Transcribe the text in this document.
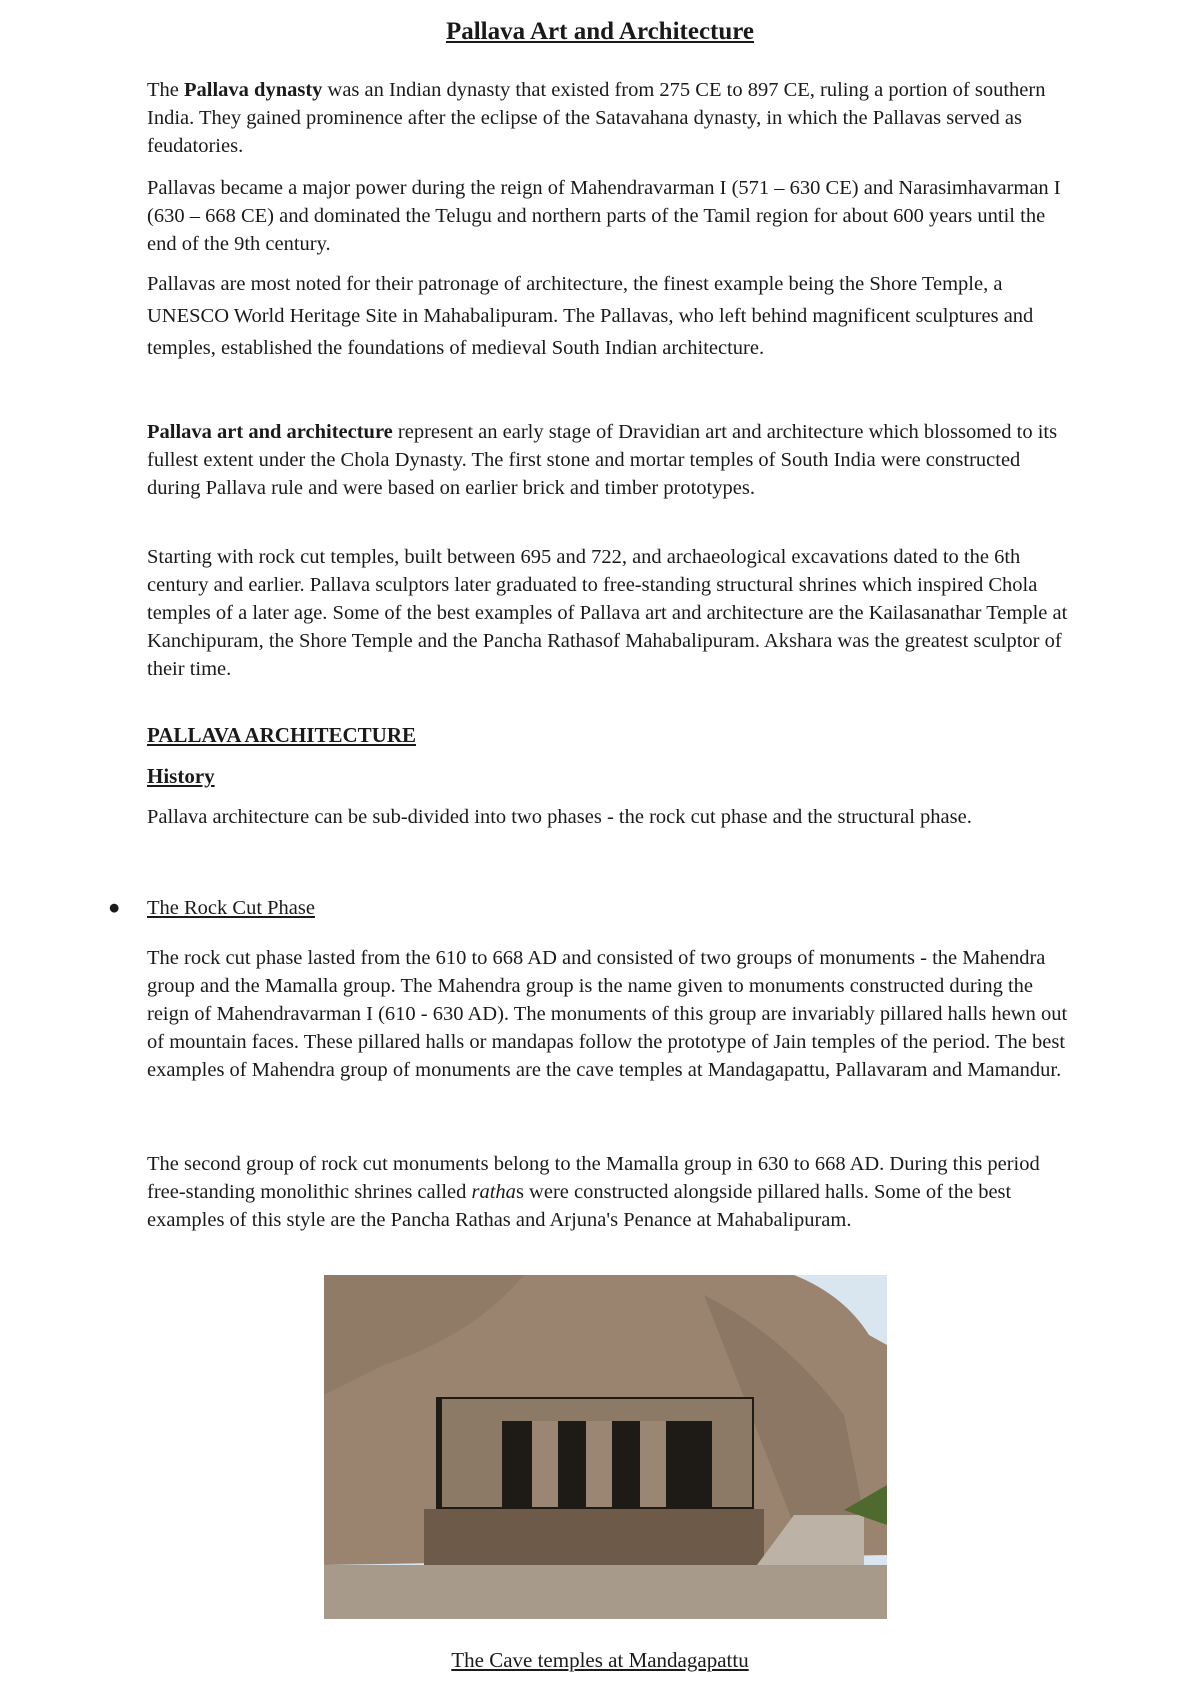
Pallava Art and Architecture

The Pallava dynasty was an Indian dynasty that existed from 275 CE to 897 CE, ruling a portion of southern India. They gained prominence after the eclipse of the Satavahana dynasty, in which the Pallavas served as feudatories.

Pallavas became a major power during the reign of Mahendravarman I (571 – 630 CE) and Narasimhavarman I (630 – 668 CE) and dominated the Telugu and northern parts of the Tamil region for about 600 years until the end of the 9th century.

Pallavas are most noted for their patronage of architecture, the finest example being the Shore Temple, a UNESCO World Heritage Site in Mahabalipuram. The Pallavas, who left behind magnificent sculptures and temples, established the foundations of medieval South Indian architecture.

Pallava art and architecture represent an early stage of Dravidian art and architecture which blossomed to its fullest extent under the Chola Dynasty. The first stone and mortar temples of South India were constructed during Pallava rule and were based on earlier brick and timber prototypes.

Starting with rock cut temples, built between 695 and 722, and archaeological excavations dated to the 6th century and earlier. Pallava sculptors later graduated to free-standing structural shrines which inspired Chola temples of a later age. Some of the best examples of Pallava art and architecture are the Kailasanathar Temple at Kanchipuram, the Shore Temple and the Pancha Rathasof Mahabalipuram. Akshara was the greatest sculptor of their time.

PALLAVA ARCHITECTURE
History

Pallava architecture can be sub-divided into two phases - the rock cut phase and the structural phase.

● The Rock Cut Phase

The rock cut phase lasted from the 610 to 668 AD and consisted of two groups of monuments - the Mahendra group and the Mamalla group. The Mahendra group is the name given to monuments constructed during the reign of Mahendravarman I (610 - 630 AD). The monuments of this group are invariably pillared halls hewn out of mountain faces. These pillared halls or mandapas follow the prototype of Jain temples of the period. The best examples of Mahendra group of monuments are the cave temples at Mandagapattu, Pallavaram and Mamandur.

The second group of rock cut monuments belong to the Mamalla group in 630 to 668 AD. During this period free-standing monolithic shrines called rathas were constructed alongside pillared halls. Some of the best examples of this style are the Pancha Rathas and Arjuna's Penance at Mahabalipuram.

The Cave temples at Mandagapattu
